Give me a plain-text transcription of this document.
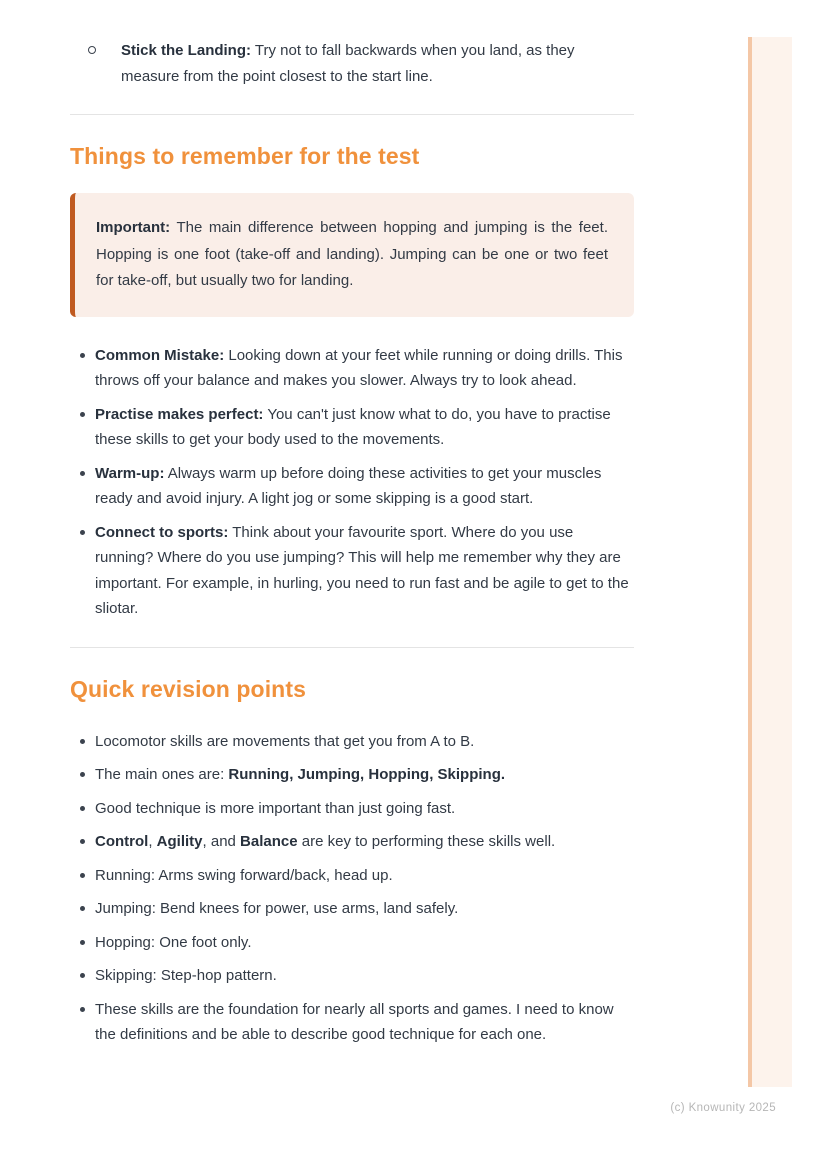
Stick the Landing: Try not to fall backwards when you land, as they measure from the point closest to the start line.
Things to remember for the test

Important: The main difference between hopping and jumping is the feet. Hopping is one foot (take-off and landing). Jumping can be one or two feet for take-off, but usually two for landing.

Common Mistake: Looking down at your feet while running or doing drills. This throws off your balance and makes you slower. Always try to look ahead.
Practise makes perfect: You can't just know what to do, you have to practise these skills to get your body used to the movements.
Warm-up: Always warm up before doing these activities to get your muscles ready and avoid injury. A light jog or some skipping is a good start.
Connect to sports: Think about your favourite sport. Where do you use running? Where do you use jumping? This will help me remember why they are important. For example, in hurling, you need to run fast and be agile to get to the sliotar.
Quick revision points
Locomotor skills are movements that get you from A to B.
The main ones are: Running, Jumping, Hopping, Skipping.
Good technique is more important than just going fast.
Control, Agility, and Balance are key to performing these skills well.
Running: Arms swing forward/back, head up.
Jumping: Bend knees for power, use arms, land safely.
Hopping: One foot only.
Skipping: Step-hop pattern.
These skills are the foundation for nearly all sports and games. I need to know the definitions and be able to describe good technique for each one.
(c) Knowunity 2025
